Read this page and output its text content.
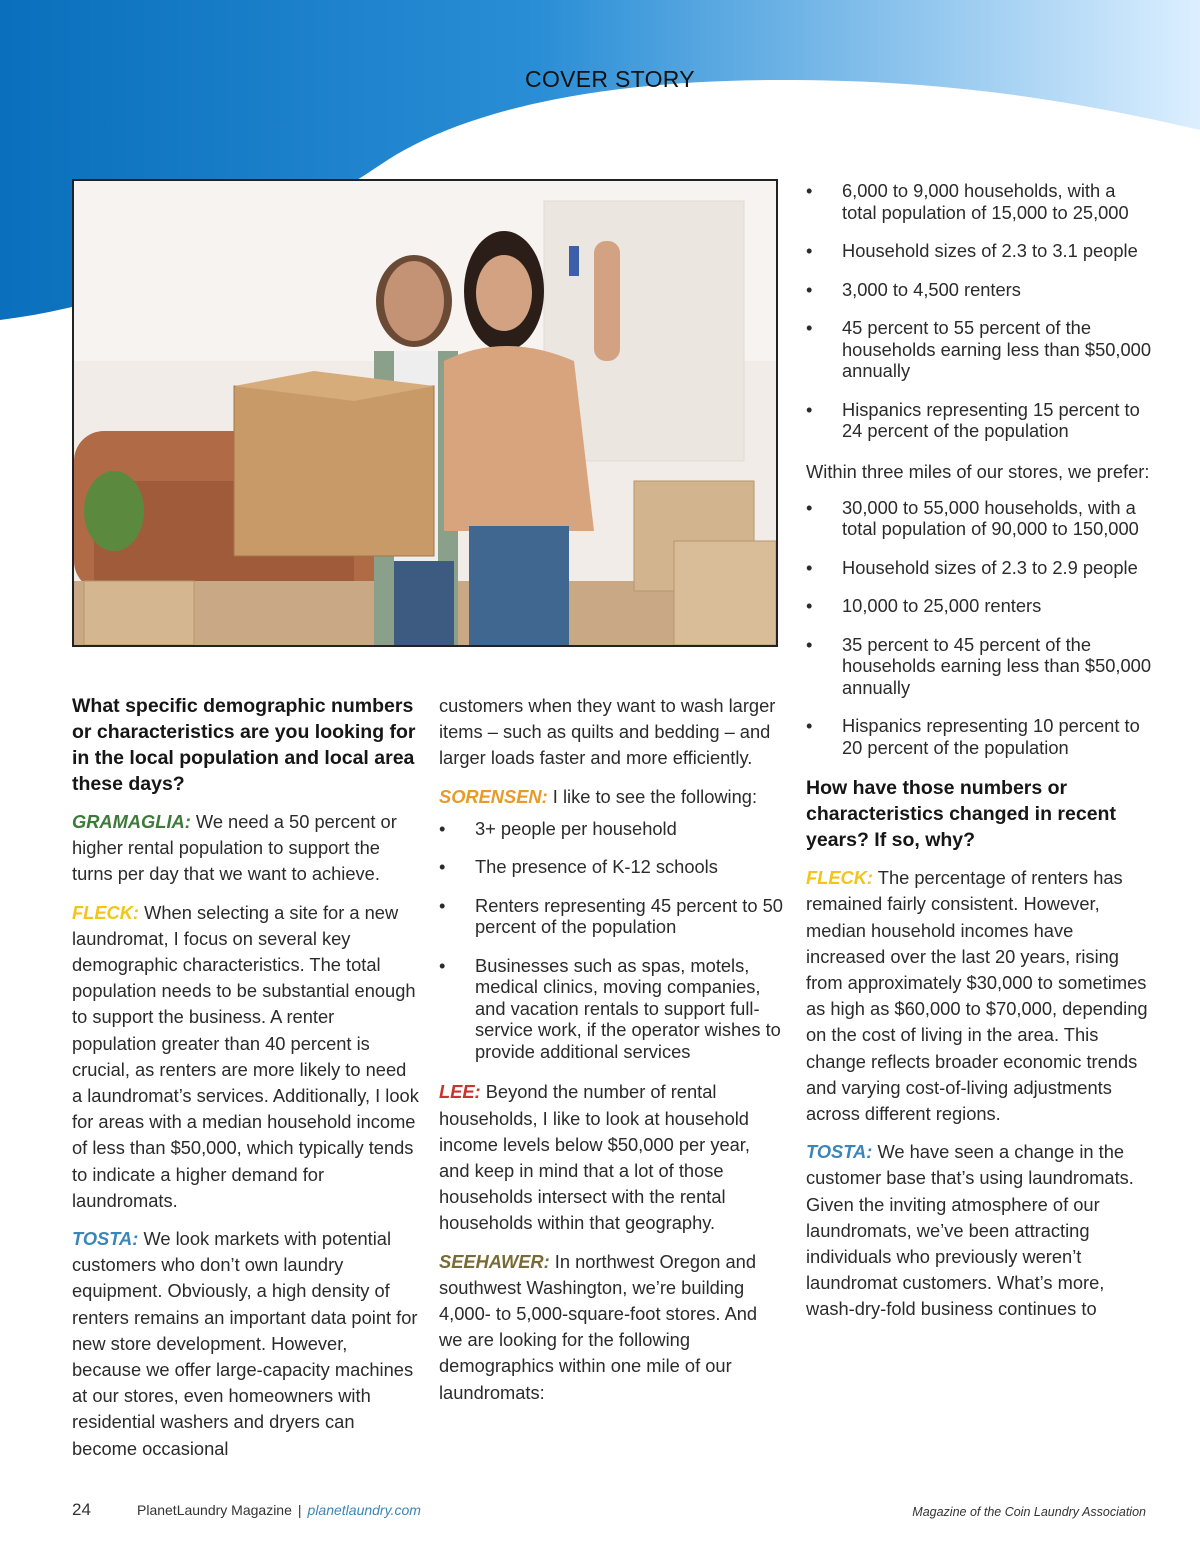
COVER STORY
What specific demographic numbers or characteristics are you looking for in the local population and local area these days?

GRAMAGLIA: We need a 50 percent or higher rental population to support the turns per day that we want to achieve.

FLECK: When selecting a site for a new laundromat, I focus on several key demographic characteristics. The total population needs to be substantial enough to support the business. A renter population greater than 40 percent is crucial, as renters are more likely to need a laundromat’s services. Additionally, I look for areas with a median household income of less than $50,000, which typically tends to indicate a higher demand for laundromats.

TOSTA: We look markets with potential customers who don’t own laundry equipment. Obviously, a high density of renters remains an important data point for new store development. However, because we offer large-capacity machines at our stores, even homeowners with residential washers and dryers can become occasional

customers when they want to wash larger items – such as quilts and bedding – and larger loads faster and more efficiently.

SORENSEN: I like to see the following:

• 3+ people per household
• The presence of K-12 schools
• Renters representing 45 percent to 50 percent of the population
• Businesses such as spas, motels, medical clinics, moving companies, and vacation rentals to support full-service work, if the operator wishes to provide additional services

LEE: Beyond the number of rental households, I like to look at household income levels below $50,000 per year, and keep in mind that a lot of those households intersect with the rental households within that geography.

SEEHAWER: In northwest Oregon and southwest Washington, we’re building 4,000- to 5,000-square-foot stores. And we are looking for the following demographics within one mile of our laundromats:

• 6,000 to 9,000 households, with a total population of 15,000 to 25,000
• Household sizes of 2.3 to 3.1 people
• 3,000 to 4,500 renters
• 45 percent to 55 percent of the households earning less than $50,000 annually
• Hispanics representing 15 percent to 24 percent of the population

Within three miles of our stores, we prefer:

• 30,000 to 55,000 households, with a total population of 90,000 to 150,000
• Household sizes of 2.3 to 2.9 people
• 10,000 to 25,000 renters
• 35 percent to 45 percent of the households earning less than $50,000 annually
• Hispanics representing 10 percent to 20 percent of the population
How have those numbers or characteristics changed in recent years? If so, why?

FLECK: The percentage of renters has remained fairly consistent. However, median household incomes have increased over the last 20 years, rising from approximately $30,000 to sometimes as high as $60,000 to $70,000, depending on the cost of living in the area. This change reflects broader economic trends and varying cost-of-living adjustments across different regions.

TOSTA: We have seen a change in the customer base that’s using laundromats. Given the inviting atmosphere of our laundromats, we’ve been attracting individuals who previously weren’t laundromat customers. What’s more, wash-dry-fold business continues to

24	PlanetLaundry Magazine | planetlaundry.com	Magazine of the Coin Laundry Association
